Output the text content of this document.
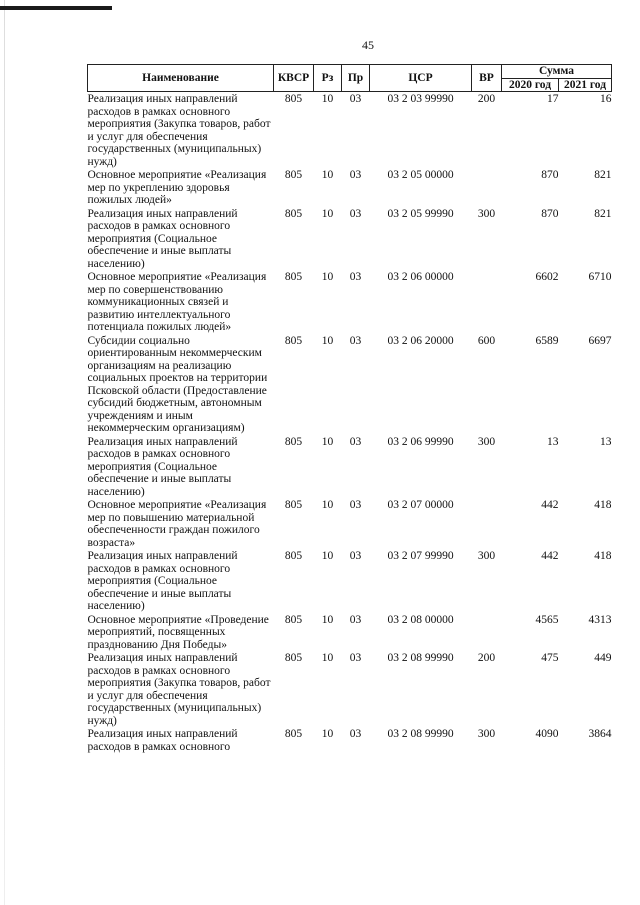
45
Наименование	КВСР	Рз	Пр	ЦСР	ВР	Сумма	
						2020 год	2021 год
Реализация иных направлений расходов в рамках основного мероприятия (Закупка товаров, работ и услуг для обеспечения государственных (муниципальных) нужд)	805	10	03	03 2 03 99990	200	17	16
Основное мероприятие «Реализация мер по укреплению здоровья пожилых людей»	805	10	03	03 2 05 00000		870	821
Реализация иных направлений расходов в рамках основного мероприятия (Социальное обеспечение и иные выплаты населению)	805	10	03	03 2 05 99990	300	870	821
Основное мероприятие «Реализация мер по совершенствованию коммуникационных связей и развитию интеллектуального потенциала пожилых людей»	805	10	03	03 2 06 00000		6602	6710
Субсидии социально ориентированным некоммерческим организациям на реализацию социальных проектов на территории Псковской области (Предоставление субсидий бюджетным, автономным учреждениям и иным некоммерческим организациям)	805	10	03	03 2 06 20000	600	6589	6697
Реализация иных направлений расходов в рамках основного мероприятия (Социальное обеспечение и иные выплаты населению)	805	10	03	03 2 06 99990	300	13	13
Основное мероприятие «Реализация мер по повышению материальной обеспеченности граждан пожилого возраста»	805	10	03	03 2 07 00000		442	418
Реализация иных направлений расходов в рамках основного мероприятия (Социальное обеспечение и иные выплаты населению)	805	10	03	03 2 07 99990	300	442	418
Основное мероприятие «Проведение мероприятий, посвященных празднованию Дня Победы»	805	10	03	03 2 08 00000		4565	4313
Реализация иных направлений расходов в рамках основного мероприятия (Закупка товаров, работ и услуг для обеспечения государственных (муниципальных) нужд)	805	10	03	03 2 08 99990	200	475	449
Реализация иных направлений расходов в рамках основного	805	10	03	03 2 08 99990	300	4090	3864
